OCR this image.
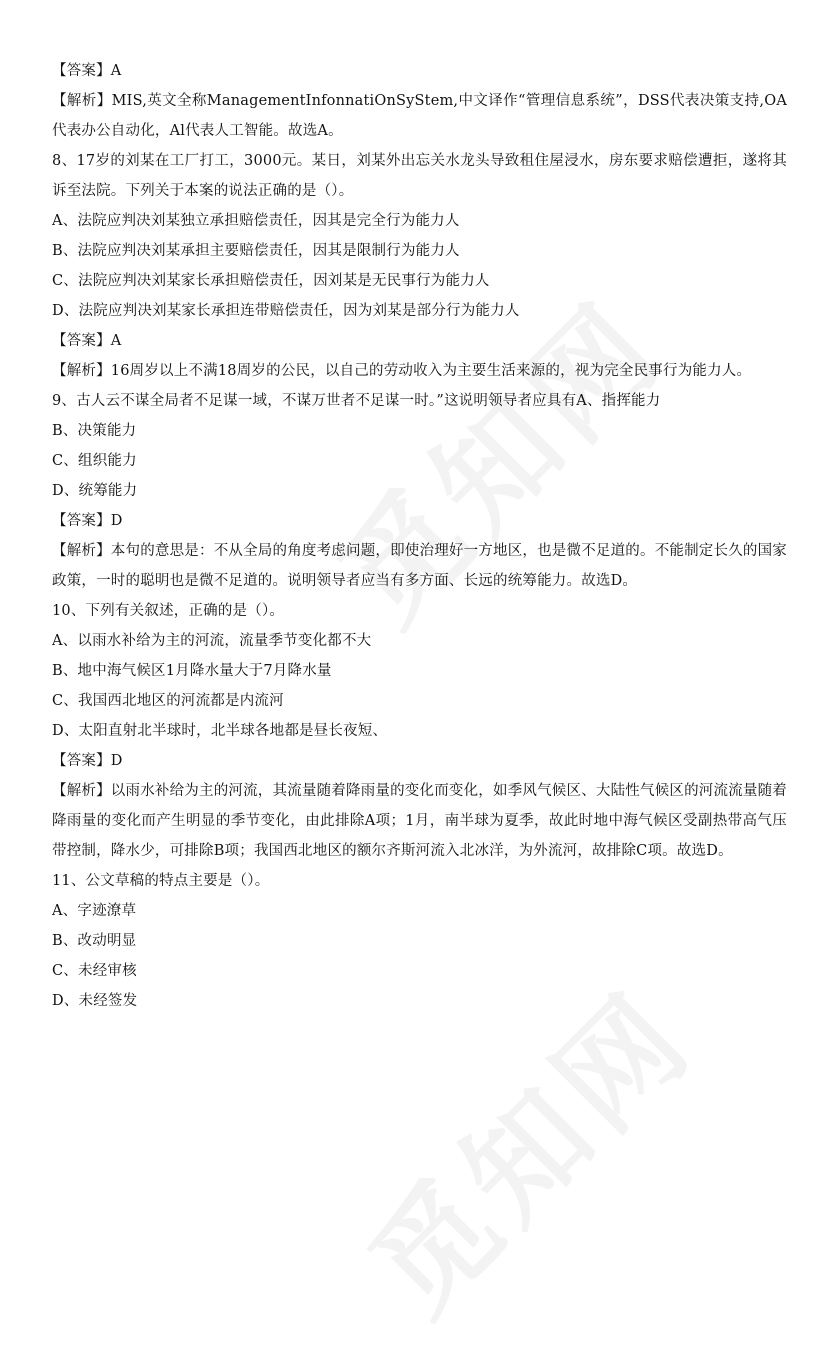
【答案】A
【解析】MIS,英文全称ManagementInfonnatiOnSyStem,中文译作“管理信息系统”，DSS代表决策支持,OA代表办公自动化，Al代表人工智能。故选A。
8、17岁的刘某在工厂打工，3000元。某日，刘某外出忘关水龙头导致租住屋浸水，房东要求赔偿遭拒，遂将其诉至法院。下列关于本案的说法正确的是（）。
A、法院应判决刘某独立承担赔偿责任，因其是完全行为能力人
B、法院应判决刘某承担主要赔偿责任，因其是限制行为能力人
C、法院应判决刘某家长承担赔偿责任，因刘某是无民事行为能力人
D、法院应判决刘某家长承担连带赔偿责任，因为刘某是部分行为能力人
【答案】A
【解析】16周岁以上不满18周岁的公民，以自己的劳动收入为主要生活来源的，视为完全民事行为能力人。
9、古人云不谋全局者不足谋一域，不谋万世者不足谋一时。”这说明领导者应具有A、指挥能力
B、决策能力
C、组织能力
D、统筹能力
【答案】D
【解析】本句的意思是：不从全局的角度考虑问题，即使治理好一方地区，也是微不足道的。不能制定长久的国家政策，一时的聪明也是微不足道的。说明领导者应当有多方面、长远的统筹能力。故选D。
10、下列有关叙述，正确的是（）。
A、以雨水补给为主的河流，流量季节变化都不大
B、地中海气候区1月降水量大于7月降水量
C、我国西北地区的河流都是内流河
D、太阳直射北半球时，北半球各地都是昼长夜短、
【答案】D
【解析】以雨水补给为主的河流，其流量随着降雨量的变化而变化，如季风气候区、大陆性气候区的河流流量随着降雨量的变化而产生明显的季节变化，由此排除A项；1月，南半球为夏季，故此时地中海气候区受副热带高气压带控制，降水少，可排除B项；我国西北地区的额尔齐斯河流入北冰洋，为外流河，故排除C项。故选D。
11、公文草稿的特点主要是（）。
A、字迹潦草
B、改动明显
C、未经审核
D、未经签发
